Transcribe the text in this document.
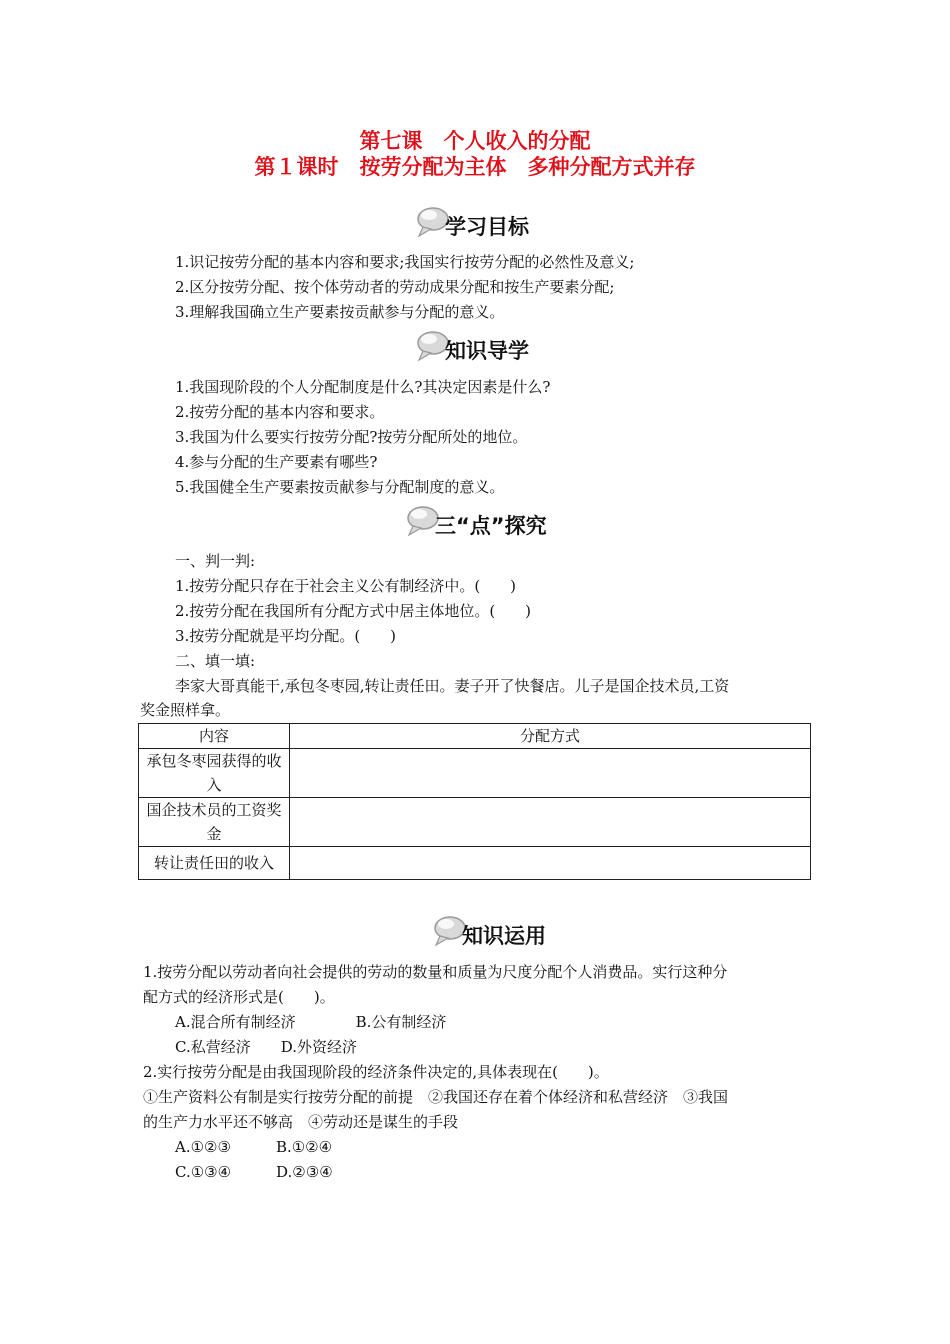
第七课　个人收入的分配
第１课时　按劳分配为主体　多种分配方式并存
学习目标
1.识记按劳分配的基本内容和要求;我国实行按劳分配的必然性及意义;
2.区分按劳分配、按个体劳动者的劳动成果分配和按生产要素分配;
3.理解我国确立生产要素按贡献参与分配的意义。
知识导学
1.我国现阶段的个人分配制度是什么?其决定因素是什么?
2.按劳分配的基本内容和要求。
3.我国为什么要实行按劳分配?按劳分配所处的地位。
4.参与分配的生产要素有哪些?
5.我国健全生产要素按贡献参与分配制度的意义。
三“点”探究
一、判一判:
1.按劳分配只存在于社会主义公有制经济中。(　　)
2.按劳分配在我国所有分配方式中居主体地位。(　　)
3.按劳分配就是平均分配。(　　)
二、填一填:
李家大哥真能干,承包冬枣园,转让责任田。妻子开了快餐店。儿子是国企技术员,工资
奖金照样拿。
内容	分配方式
承包冬枣园获得的收入	
国企技术员的工资奖金	
转让责任田的收入	
知识运用
1.按劳分配以劳动者向社会提供的劳动的数量和质量为尺度分配个人消费品。实行这种分
配方式的经济形式是(　　)。
A.混合所有制经济　　　　B.公有制经济
C.私营经济　　D.外资经济
2.实行按劳分配是由我国现阶段的经济条件决定的,具体表现在(　　)。
①生产资料公有制是实行按劳分配的前提　②我国还存在着个体经济和私营经济　③我国
的生产力水平还不够高　④劳动还是谋生的手段
A.①②③　　　B.①②④
C.①③④　　　D.②③④
